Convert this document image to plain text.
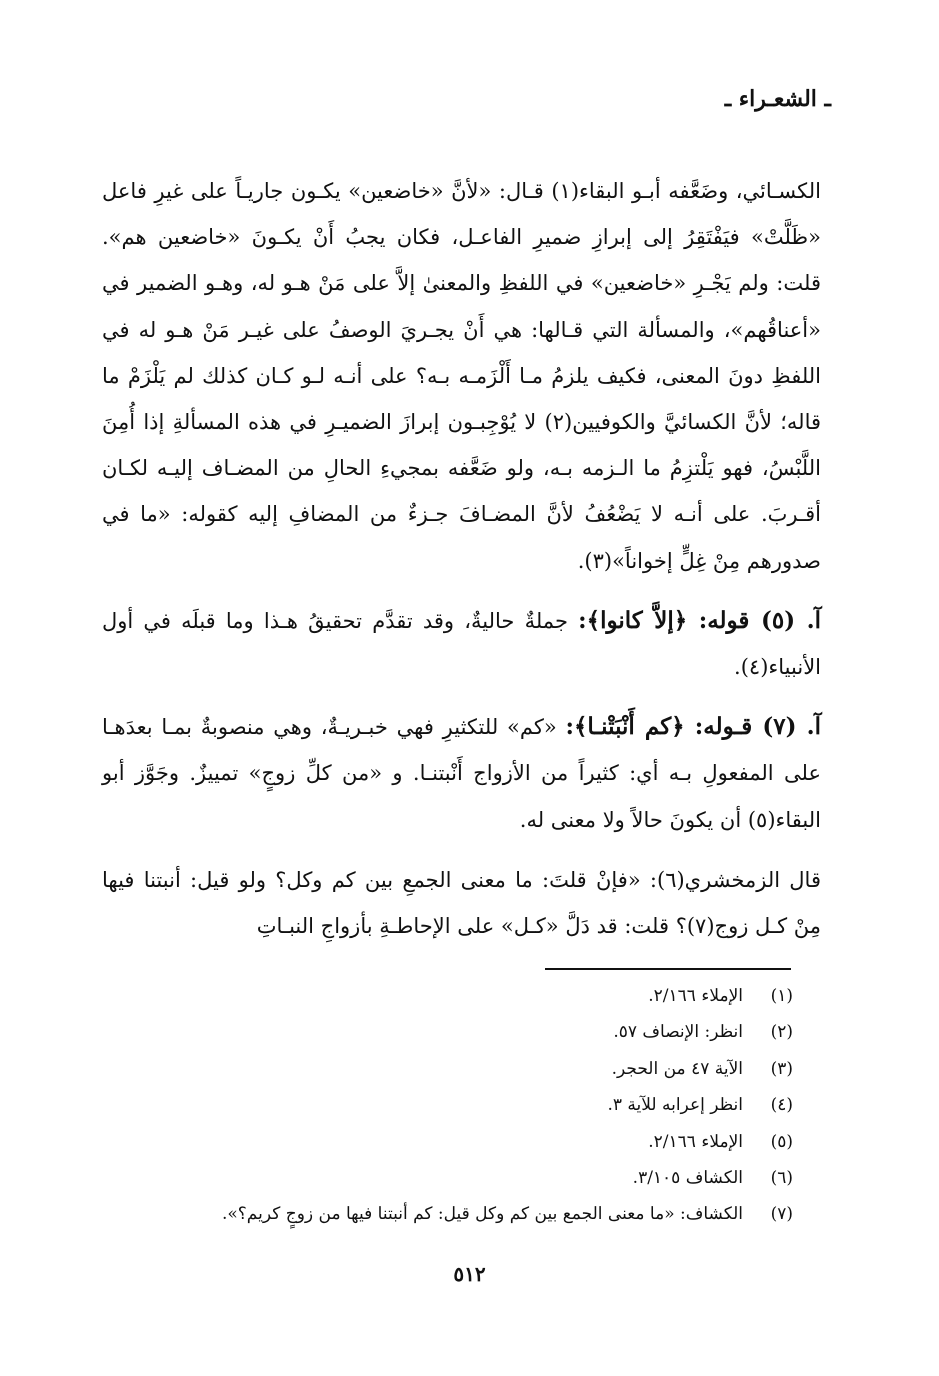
ـ الشعـراء ـ

الكسـائي، وضَعَّفه أبـو البقاء(١) قـال: «لأنَّ «خاضعين» يكـون جاريـاً على غيرِ فاعل «ظَلَّتْ» فيَفْتَقِرُ إلى إبرازِ ضميرِ الفاعـل، فكان يجبُ أَنْ يكـونَ «خاضعين هم». قلت: ولم يَجْـرِ «خاضعين» في اللفظِ والمعنىٰ إلاَّ على مَنْ هـو له، وهـو الضمير في «أعناقُهم»، والمسألة التي قـالها: هي أَنْ يجـريَ الوصفُ على غيـر مَنْ هـو له في اللفظِ دونَ المعنى، فكيف يلزمُ مـا أَلْزَمـه بـه؟ على أنـه لـو كـان كذلك لم يَلْزَمْ ما قاله؛ لأنَّ الكسائيَّ والكوفيين(٢) لا يُوْجِبـون إبرازَ الضميـرِ في هذه المسألةِ إذا أُمِنَ اللَّبْسُ، فهو يَلْتزِمُ ما الـزمه بـه، ولو ضَعَّفه بمجيءِ الحالِ من المضـاف إليـه لكـان أقـربَ. على أنـه لا يَضْعُفُ لأنَّ المضـافَ جـزءٌ من المضافِ إليه كقوله: «ما في صدورهم مِنْ غِلٍّ إخواناً»(٣).

آ. (٥) قوله: ﴿إلاَّ كانوا﴾: جملةٌ حاليةٌ، وقد تقدَّم تحقيقُ هـذا وما قبلَه في أول الأنبياء(٤).

آ. (٧) قـوله: ﴿كم أَنْبَتْنـا﴾: «كم» للتكثيرِ فهي خبـريـةٌ، وهي منصوبةٌ بمـا بعدَهـا على المفعولِ بـه أي: كثيراً من الأزواج أَنْبتنـا. و «من كلِّ زوجٍ» تمييزٌ. وجَوَّز أبو البقاء(٥) أن يكونَ حالاً ولا معنى له.

قال الزمخشري(٦): «فإنْ قلتَ: ما معنى الجمعِ بين كم وكل؟ ولو قيل: أنبتنا فيها مِنْ كـل زوج(٧)؟ قلت: قد دَلَّ «كـل» على الإحاطـةِ بأزواجِ النبـاتِ

(١)
الإملاء ٢/١٦٦.
(٢)
انظر: الإنصاف ٥٧.
(٣)
الآية ٤٧ من الحجر.
(٤)
انظر إعرابه للآية ٣.
(٥)
الإملاء ٢/١٦٦.
(٦)
الكشاف ٣/١٠٥.
(٧)
الكشاف: «ما معنى الجمع بين كم وكل قيل: كم أنبتنا فيها من زوجٍ كريم؟».
٥١٢
